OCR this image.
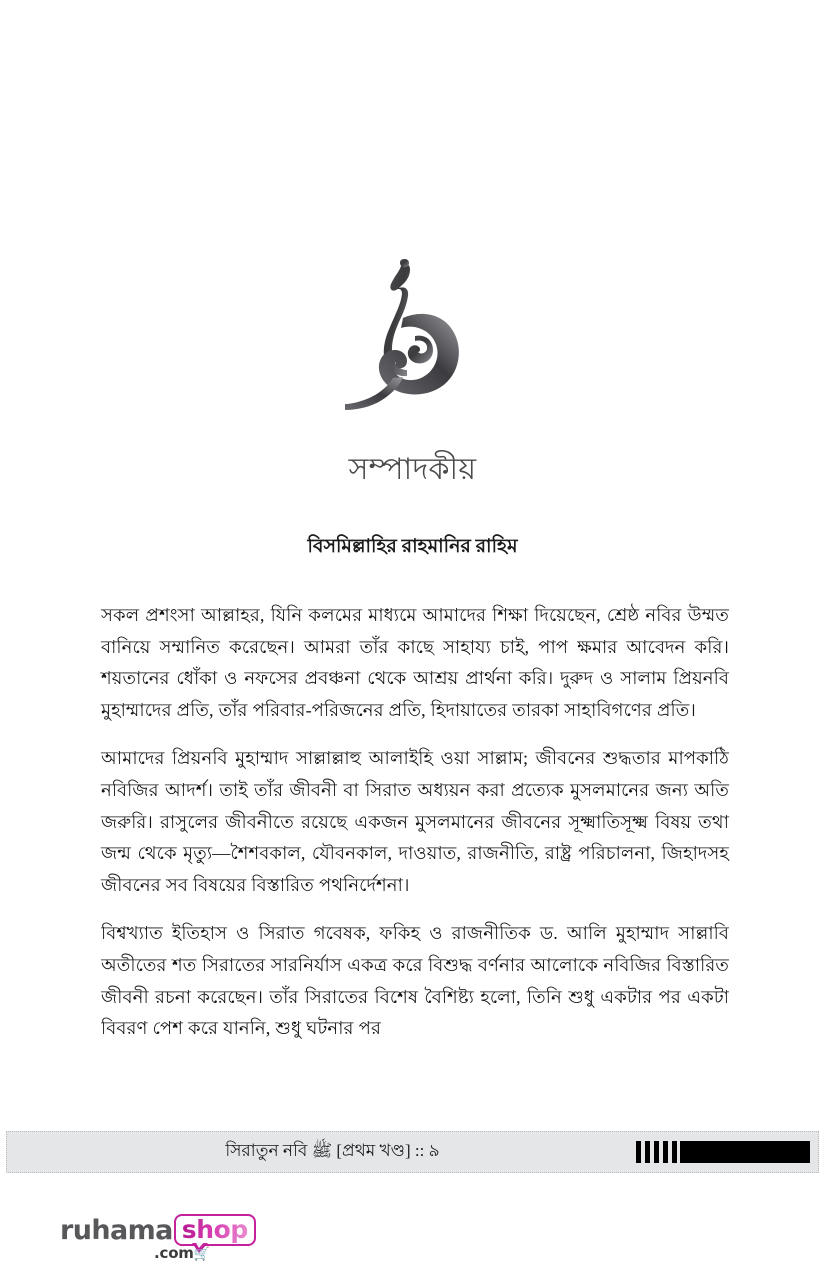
সম্পাদকীয়
বিসমিল্লাহির রাহমানির রাহিম

সকল প্রশংসা আল্লাহর, যিনি কলমের মাধ্যমে আমাদের শিক্ষা দিয়েছেন, শ্রেষ্ঠ নবির উম্মত বানিয়ে সম্মানিত করেছেন। আমরা তাঁর কাছে সাহায্য চাই, পাপ ক্ষমার আবেদন করি। শয়তানের ধোঁকা ও নফসের প্রবঞ্চনা থেকে আশ্রয় প্রার্থনা করি। দুরুদ ও সালাম প্রিয়নবি মুহাম্মাদের প্রতি, তাঁর পরিবার-পরিজনের প্রতি, হিদায়াতের তারকা সাহাবিগণের প্রতি।

আমাদের প্রিয়নবি মুহাম্মাদ সাল্লাল্লাহু আলাইহি ওয়া সাল্লাম; জীবনের শুদ্ধতার মাপকাঠি নবিজির আদর্শ। তাই তাঁর জীবনী বা সিরাত অধ্যয়ন করা প্রত্যেক মুসলমানের জন্য অতি জরুরি। রাসুলের জীবনীতে রয়েছে একজন মুসলমানের জীবনের সূক্ষ্মাতিসূক্ষ্ম বিষয় তথা জন্ম থেকে মৃত্যু—শৈশবকাল, যৌবনকাল, দাওয়াত, রাজনীতি, রাষ্ট্র পরিচালনা, জিহাদসহ জীবনের সব বিষয়ের বিস্তারিত পথনির্দেশনা।

বিশ্বখ্যাত ইতিহাস ও সিরাত গবেষক, ফকিহ ও রাজনীতিক ড. আলি মুহাম্মাদ সাল্লাবি অতীতের শত সিরাতের সারনির্যাস একত্র করে বিশুদ্ধ বর্ণনার আলোকে নবিজির বিস্তারিত জীবনী রচনা করেছেন। তাঁর সিরাতের বিশেষ বৈশিষ্ট্য হলো, তিনি শুধু একটার পর একটা বিবরণ পেশ করে যাননি, শুধু ঘটনার পর

সিরাতুন নবি ﷺ [প্রথম খণ্ড] :: ৯
ruhama shop
.com🛒
